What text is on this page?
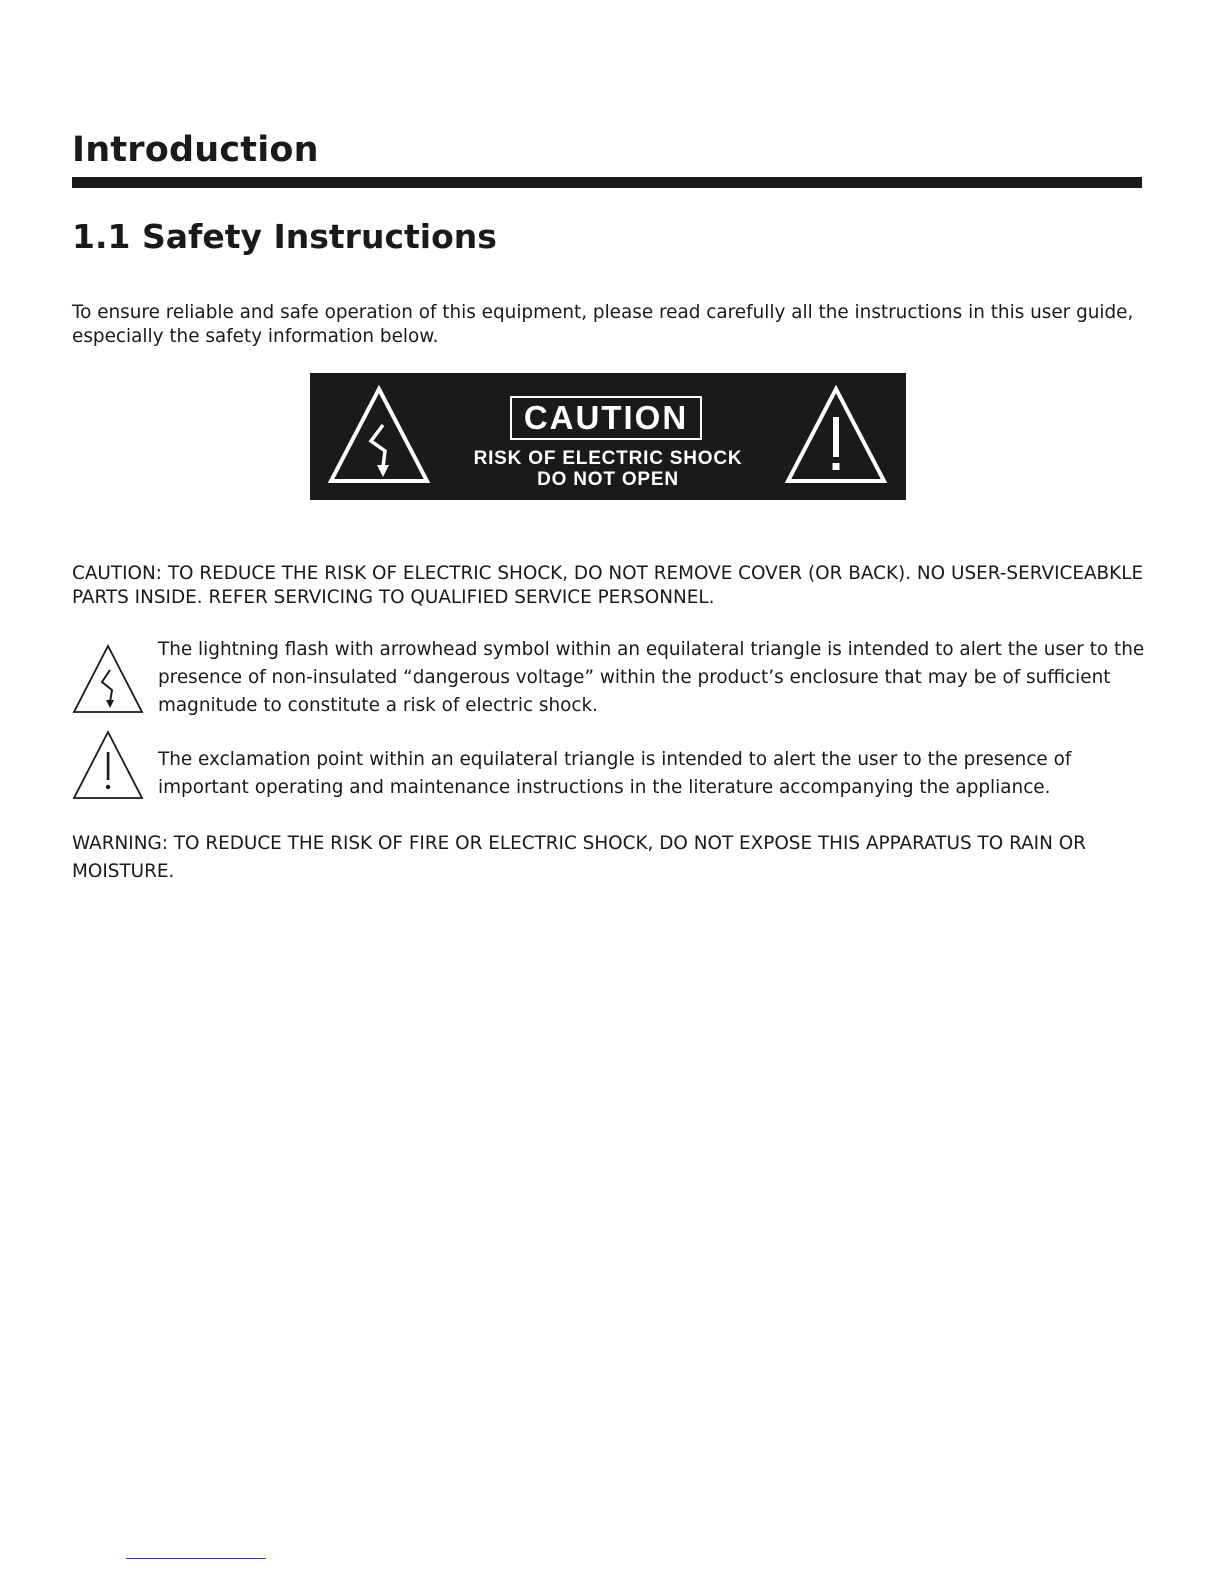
Introduction
1.1 Safety Instructions

To ensure reliable and safe operation of this equipment, please read carefully all the instructions in this user guide, especially the safety information below.

CAUTION
RISK OF ELECTRIC SHOCK
DO NOT OPEN

CAUTION: TO REDUCE THE RISK OF ELECTRIC SHOCK, DO NOT REMOVE COVER (OR BACK). NO USER-SERVICEABKLE PARTS INSIDE. REFER SERVICING TO QUALIFIED SERVICE PERSONNEL.

The lightning flash with arrowhead symbol within an equilateral triangle is intended to alert the user to the presence of non-insulated “dangerous voltage” within the product’s enclosure that may be of sufficient magnitude to constitute a risk of electric shock.

The exclamation point within an equilateral triangle is intended to alert the user to the presence of important operating and maintenance instructions in the literature accompanying the appliance.

WARNING: TO REDUCE THE RISK OF FIRE OR ELECTRIC SHOCK, DO NOT EXPOSE THIS APPARATUS TO RAIN OR MOISTURE.
